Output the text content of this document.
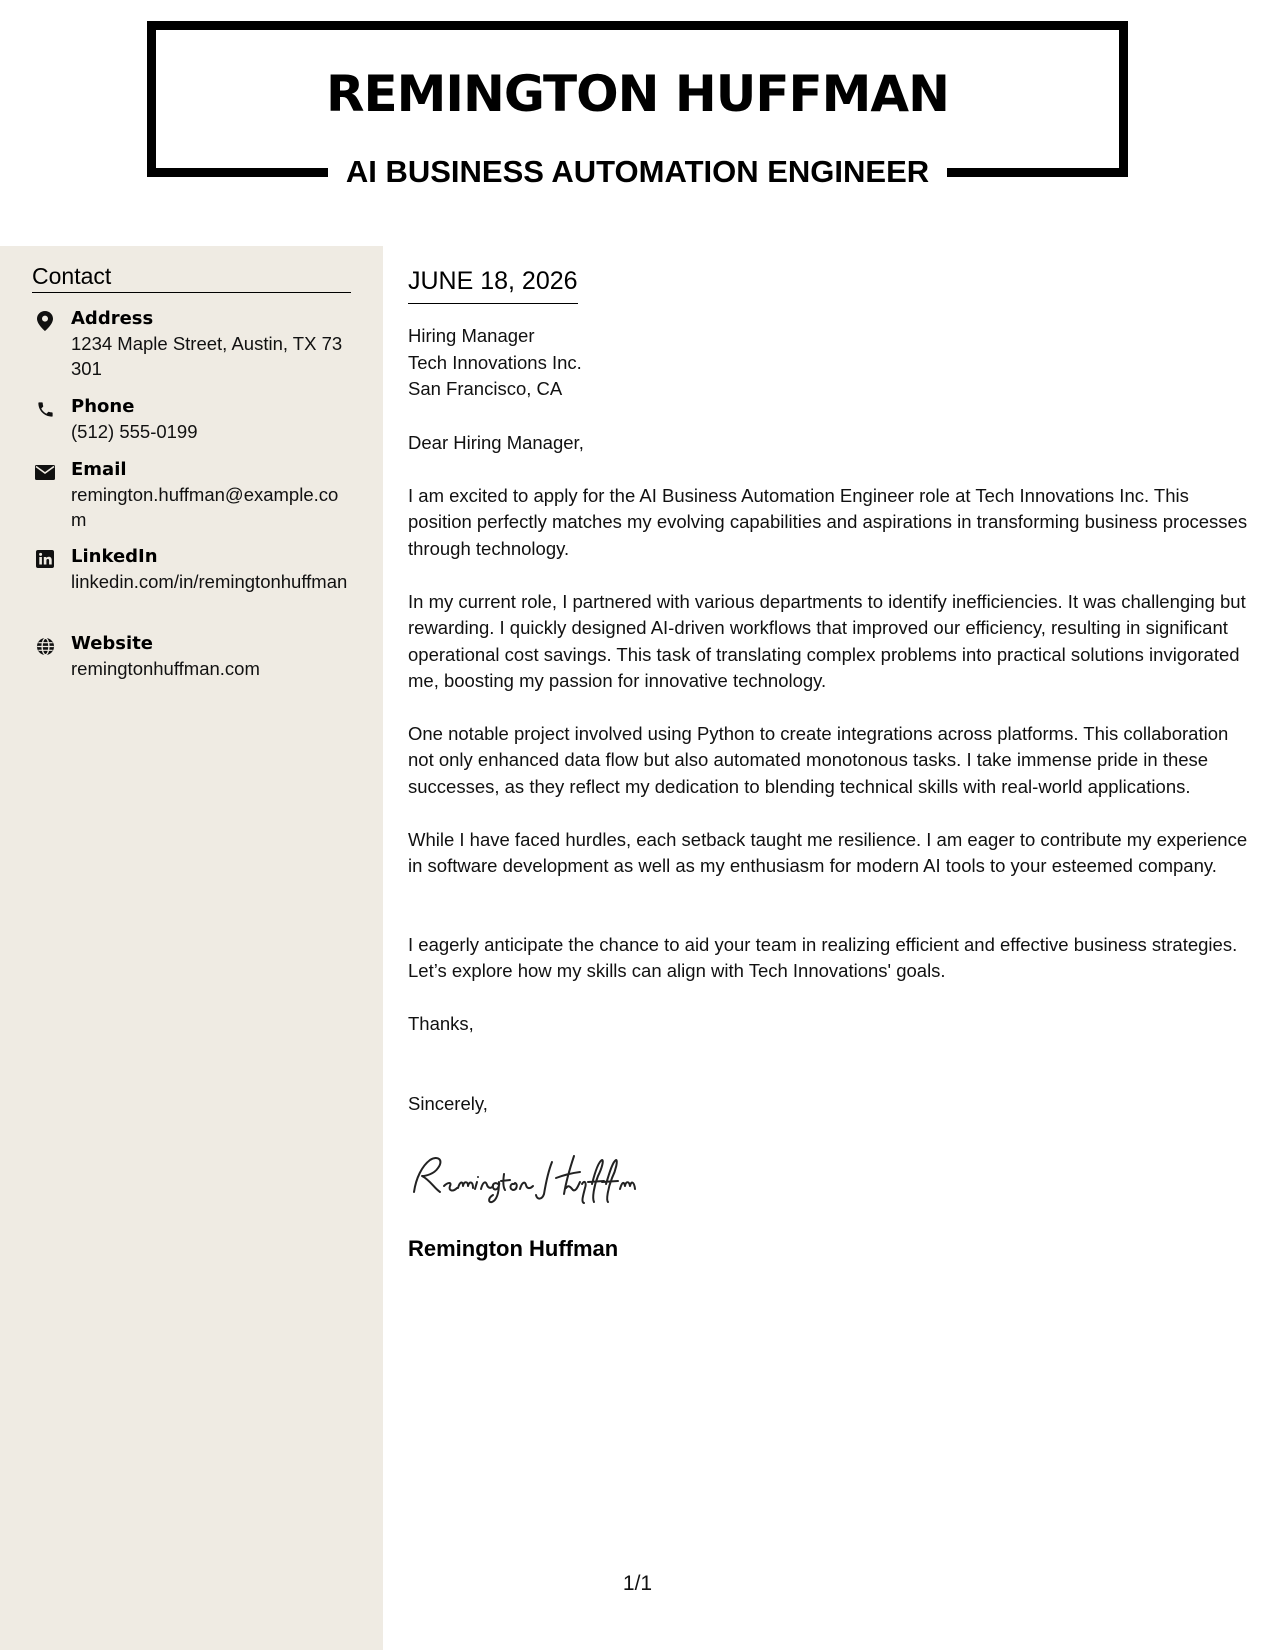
REMINGTON HUFFMAN
AI BUSINESS AUTOMATION ENGINEER
Contact
Address
1234 Maple Street, Austin, TX 73301
Phone
(512) 555-0199
Email
remington.huffman@example.com
LinkedIn
linkedin.com/in/remingtonhuffman
Website
remingtonhuffman.com
JUNE 18, 2026
Hiring Manager
Tech Innovations Inc.
San Francisco, CA
Dear Hiring Manager,
I am excited to apply for the AI Business Automation Engineer role at Tech Innovations Inc. This position perfectly matches my evolving capabilities and aspirations in transforming business processes through technology.
In my current role, I partnered with various departments to identify inefficiencies. It was challenging but rewarding. I quickly designed AI-driven workflows that improved our efficiency, resulting in significant operational cost savings. This task of translating complex problems into practical solutions invigorated me, boosting my passion for innovative technology.
One notable project involved using Python to create integrations across platforms. This collaboration not only enhanced data flow but also automated monotonous tasks. I take immense pride in these successes, as they reflect my dedication to blending technical skills with real-world applications.
While I have faced hurdles, each setback taught me resilience. I am eager to contribute my experience in software development as well as my enthusiasm for modern AI tools to your esteemed company.
I eagerly anticipate the chance to aid your team in realizing efficient and effective business strategies. Let’s explore how my skills can align with Tech Innovations' goals.
Thanks,
Sincerely,
Remington Huffman
1/1
